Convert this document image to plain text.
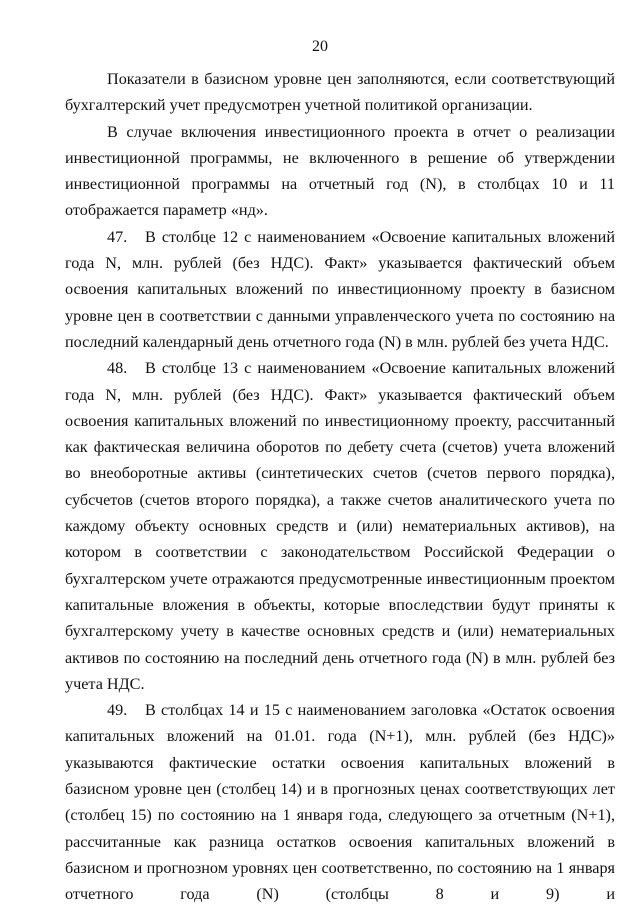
20

Показатели в базисном уровне цен заполняются, если соответствующий бухгалтерский учет предусмотрен учетной политикой организации.

В случае включения инвестиционного проекта в отчет о реализации инвестиционной программы, не включенного в решение об утверждении инвестиционной программы на отчетный год (N), в столбцах 10 и 11 отображается параметр «нд».

47. В столбце 12 с наименованием «Освоение капитальных вложений года N, млн. рублей (без НДС). Факт» указывается фактический объем освоения капитальных вложений по инвестиционному проекту в базисном уровне цен в соответствии с данными управленческого учета по состоянию на последний календарный день отчетного года (N) в млн. рублей без учета НДС.

48. В столбце 13 с наименованием «Освоение капитальных вложений года N, млн. рублей (без НДС). Факт» указывается фактический объем освоения капитальных вложений по инвестиционному проекту, рассчитанный как фактическая величина оборотов по дебету счета (счетов) учета вложений во внеоборотные активы (синтетических счетов (счетов первого порядка), субсчетов (счетов второго порядка), а также счетов аналитического учета по каждому объекту основных средств и (или) нематериальных активов), на котором в соответствии с законодательством Российской Федерации о бухгалтерском учете отражаются предусмотренные инвестиционным проектом капитальные вложения в объекты, которые впоследствии будут приняты к бухгалтерскому учету в качестве основных средств и (или) нематериальных активов по состоянию на последний день отчетного года (N) в млн. рублей без учета НДС.

49. В столбцах 14 и 15 с наименованием заголовка «Остаток освоения капитальных вложений на 01.01. года (N+1), млн. рублей (без НДС)» указываются фактические остатки освоения капитальных вложений в базисном уровне цен (столбец 14) и в прогнозных ценах соответствующих лет (столбец 15) по состоянию на 1 января года, следующего за отчетным (N+1), рассчитанные как разница остатков освоения капитальных вложений в базисном и прогнозном уровнях цен соответственно, по состоянию на 1 января отчетного года (N) (столбцы 8 и 9) и
